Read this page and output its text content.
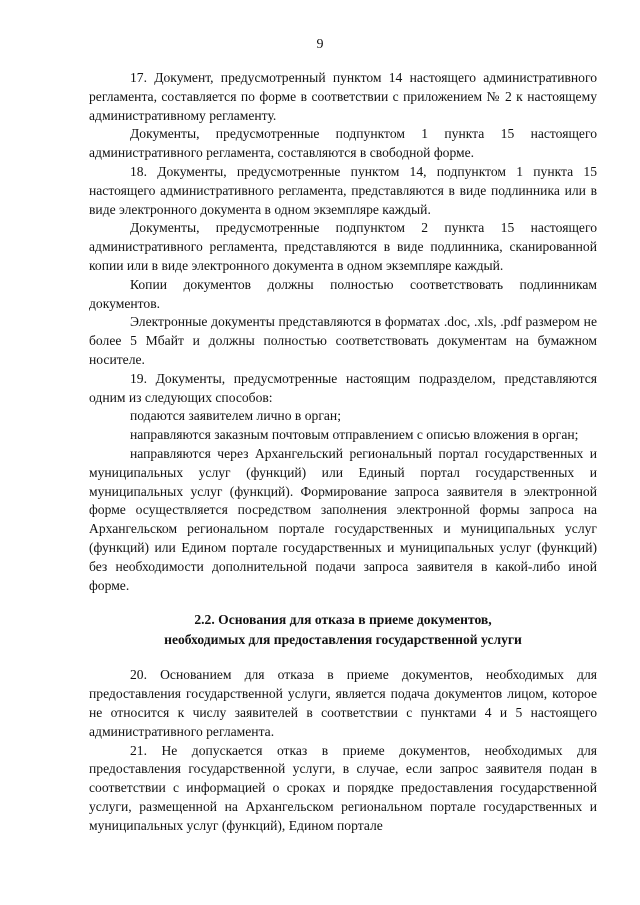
9

17. Документ, предусмотренный пунктом 14 настоящего административного регламента, составляется по форме в соответствии с приложением № 2 к настоящему административному регламенту.

Документы, предусмотренные подпунктом 1 пункта 15 настоящего административного регламента, составляются в свободной форме.

18. Документы, предусмотренные пунктом 14, подпунктом 1 пункта 15 настоящего административного регламента, представляются в виде подлинника или в виде электронного документа в одном экземпляре каждый.

Документы, предусмотренные подпунктом 2 пункта 15 настоящего административного регламента, представляются в виде подлинника, сканированной копии или в виде электронного документа в одном экземпляре каждый.

Копии документов должны полностью соответствовать подлинникам документов.

Электронные документы представляются в форматах .doc, .xls, .pdf размером не более 5 Мбайт и должны полностью соответствовать документам на бумажном носителе.

19. Документы, предусмотренные настоящим подразделом, представляются одним из следующих способов:

подаются заявителем лично в орган;

направляются заказным почтовым отправлением с описью вложения в орган;

направляются через Архангельский региональный портал государственных и муниципальных услуг (функций) или Единый портал государственных и муниципальных услуг (функций). Формирование запроса заявителя в электронной форме осуществляется посредством заполнения электронной формы запроса на Архангельском региональном портале государственных и муниципальных услуг (функций) или Едином портале государственных и муниципальных услуг (функций) без необходимости дополнительной подачи запроса заявителя в какой-либо иной форме.

2.2. Основания для отказа в приеме документов,
необходимых для предоставления государственной услуги

20. Основанием для отказа в приеме документов, необходимых для предоставления государственной услуги, является подача документов лицом, которое не относится к числу заявителей в соответствии с пунктами 4 и 5 настоящего административного регламента.

21. Не допускается отказ в приеме документов, необходимых для предоставления государственной услуги, в случае, если запрос заявителя подан в соответствии с информацией о сроках и порядке предоставления государственной услуги, размещенной на Архангельском региональном портале государственных и муниципальных услуг (функций), Едином портале
